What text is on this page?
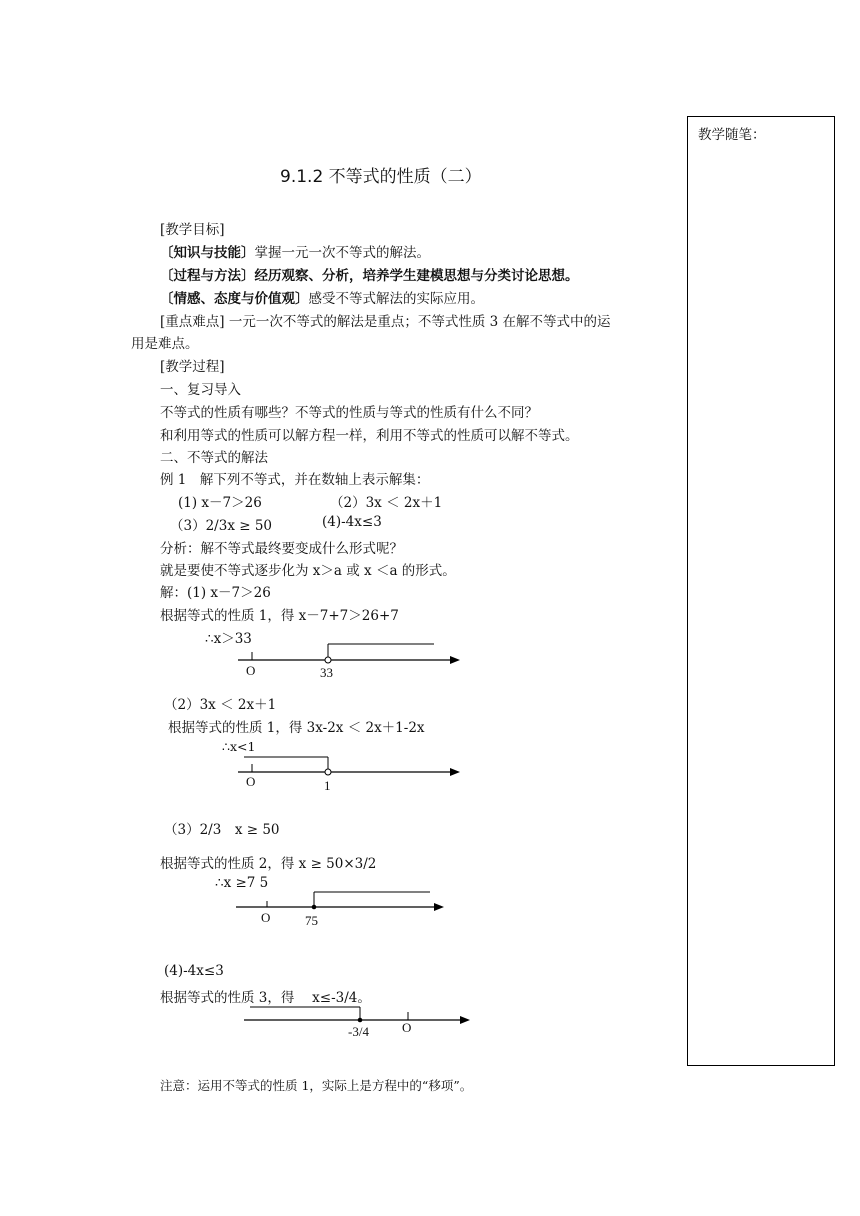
教学随笔：
9.1.2 不等式的性质（二）
[教学目标]
〔知识与技能〕掌握一元一次不等式的解法。
〔过程与方法〕经历观察、分析，培养学生建模思想与分类讨论思想。
〔情感、态度与价值观〕感受不等式解法的实际应用。
[重点难点] 一元一次不等式的解法是重点；不等式性质 3 在解不等式中的运
用是难点。
[教学过程]
一、复习导入
不等式的性质有哪些？不等式的性质与等式的性质有什么不同？
和利用等式的性质可以解方程一样，利用不等式的性质可以解不等式。
二、不等式的解法
例 1　解下列不等式，并在数轴上表示解集：
(1) x－7＞26	（2）3x ＜ 2x＋1
（3）2/3x ≥ 50	(4)-4x≤3
分析：解不等式最终要变成什么形式呢？
就是要使不等式逐步化为 x＞a 或 x ＜a 的形式。
解：(1) x－7＞26
根据等式的性质 1，得 x－7+7＞26+7
∴x＞33
O	33
（2）3x ＜ 2x＋1
根据等式的性质 1，得 3x-2x ＜ 2x＋1-2x
∴x<1
O	1
（3）2/3　x ≥ 50
根据等式的性质 2，得 x ≥ 50×3/2
∴x ≥7 5
O	75
(4)-4x≤3
根据等式的性质 3，得　 x≤-3/4。
-3/4	O
注意：运用不等式的性质 1，实际上是方程中的“移项”。
